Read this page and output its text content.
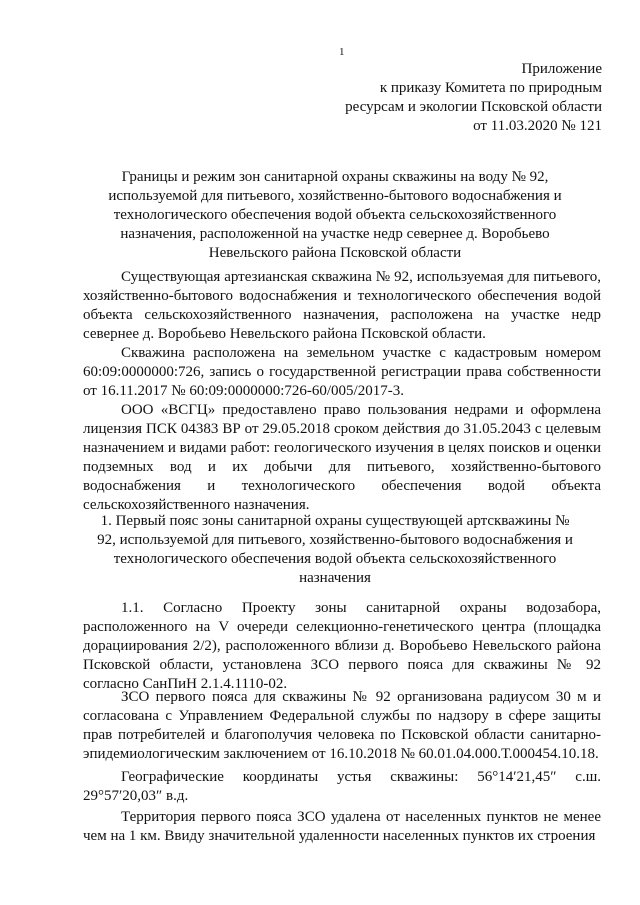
1
Приложение
к приказу Комитета по природным
ресурсам и экологии Псковской области
от 11.03.2020 № 121
Границы и режим зон санитарной охраны скважины на воду № 92, используемой для питьевого, хозяйственно-бытового водоснабжения и технологического обеспечения водой объекта сельскохозяйственного назначения, расположенной на участке недр севернее д. Воробьево Невельского района Псковской области
Существующая артезианская скважина № 92, используемая для питьевого, хозяйственно-бытового водоснабжения и технологического обеспечения водой объекта сельскохозяйственного назначения, расположена на участке недр севернее д. Воробьево Невельского района Псковской области.
Скважина расположена на земельном участке с кадастровым номером 60:09:0000000:726, запись о государственной регистрации права собственности от 16.11.2017 № 60:09:0000000:726-60/005/2017-3.
ООО «ВСГЦ» предоставлено право пользования недрами и оформлена лицензия ПСК 04383 ВР от 29.05.2018 сроком действия до 31.05.2043 с целевым назначением и видами работ: геологического изучения в целях поисков и оценки подземных вод и их добычи для питьевого, хозяйственно-бытового водоснабжения и технологического обеспечения водой объекта сельскохозяйственного назначения.
1. Первый пояс зоны санитарной охраны существующей артскважины № 92, используемой для питьевого, хозяйственно-бытового водоснабжения и технологического обеспечения водой объекта сельскохозяйственного назначения
1.1. Согласно Проекту зоны санитарной охраны водозабора, расположенного на V очереди селекционно-генетического центра (площадка дорациирования 2/2), расположенного вблизи д. Воробьево Невельского района Псковской области, установлена ЗСО первого пояса для скважины № 92 согласно СанПиН 2.1.4.1110-02.
ЗСО первого пояса для скважины № 92 организована радиусом 30 м и согласована с Управлением Федеральной службы по надзору в сфере защиты прав потребителей и благополучия человека по Псковской области санитарно-эпидемиологическим заключением от 16.10.2018 № 60.01.04.000.Т.000454.10.18.
Географические координаты устья скважины: 56°14′21,45″ с.ш. 29°57′20,03″ в.д.
Территория первого пояса ЗСО удалена от населенных пунктов не менее чем на 1 км. Ввиду значительной удаленности населенных пунктов их строения
